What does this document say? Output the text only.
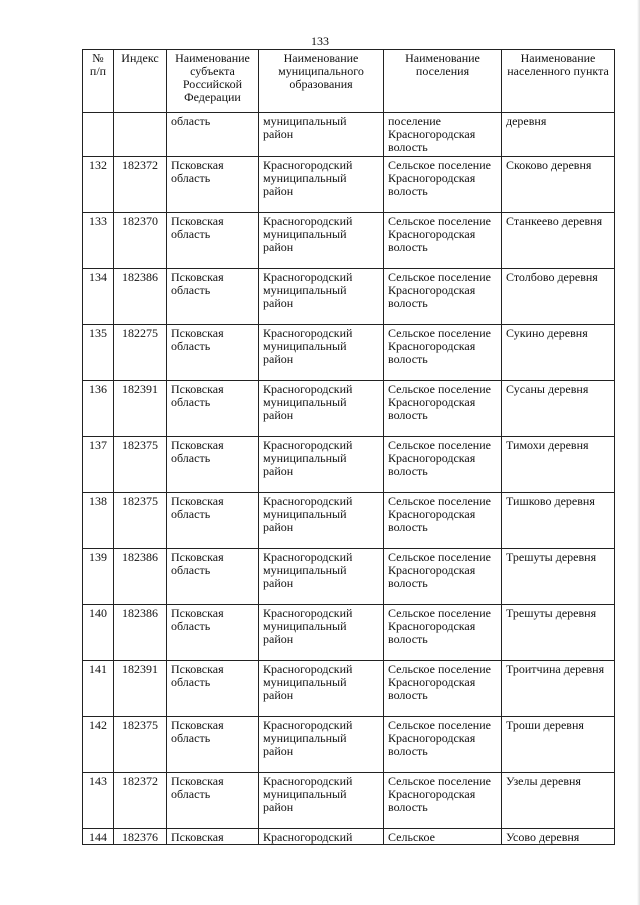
133
№ п/п	Индекс	Наименование субъекта Российской Федерации	Наименование муниципального образования	Наименование поселения	Наименование населенного пункта
		область	муниципальный район	поселение Красногородская волость	деревня
132	182372	Псковская область	Красногородский муниципальный район	Сельское поселение Красногородская волость	Скоково деревня
133	182370	Псковская область	Красногородский муниципальный район	Сельское поселение Красногородская волость	Станкеево деревня
134	182386	Псковская область	Красногородский муниципальный район	Сельское поселение Красногородская волость	Столбово деревня
135	182275	Псковская область	Красногородский муниципальный район	Сельское поселение Красногородская волость	Сукино деревня
136	182391	Псковская область	Красногородский муниципальный район	Сельское поселение Красногородская волость	Сусаны деревня
137	182375	Псковская область	Красногородский муниципальный район	Сельское поселение Красногородская волость	Тимохи деревня
138	182375	Псковская область	Красногородский муниципальный район	Сельское поселение Красногородская волость	Тишково деревня
139	182386	Псковская область	Красногородский муниципальный район	Сельское поселение Красногородская волость	Трешуты деревня
140	182386	Псковская область	Красногородский муниципальный район	Сельское поселение Красногородская волость	Трешуты деревня
141	182391	Псковская область	Красногородский муниципальный район	Сельское поселение Красногородская волость	Троитчина деревня
142	182375	Псковская область	Красногородский муниципальный район	Сельское поселение Красногородская волость	Троши деревня
143	182372	Псковская область	Красногородский муниципальный район	Сельское поселение Красногородская волость	Узелы деревня
144	182376	Псковская	Красногородский	Сельское	Усово деревня
